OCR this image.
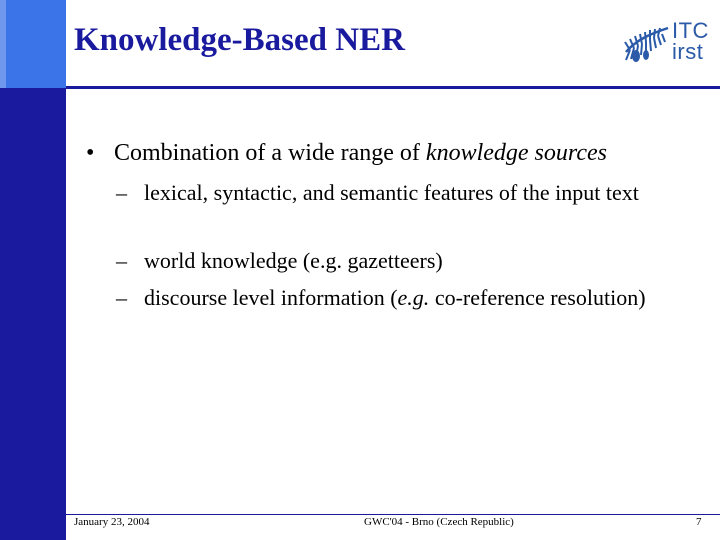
Knowledge-Based NER	ITC
irst
• Combination of a wide range of knowledge sources
– lexical, syntactic, and semantic features of the input text
– world knowledge (e.g. gazetteers)
– discourse level information (e.g. co-reference resolution)
January 23, 2004	GWC'04 - Brno (Czech Republic)	7
